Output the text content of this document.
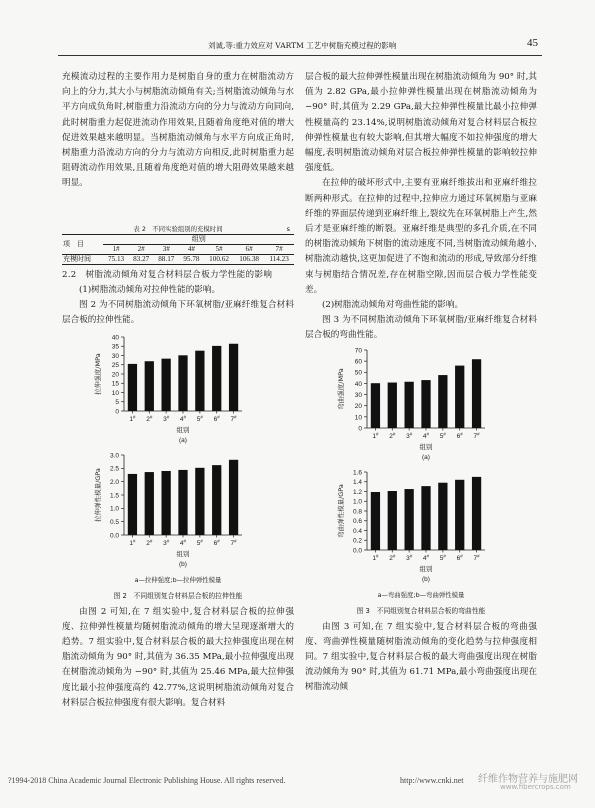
刘诚,等:重力效应对 VARTM 工艺中树脂充模过程的影响	45
充模流动过程的主要作用力是树脂自身的重力在树脂流动方向上的分力,其大小与树脂流动倾角有关;当树脂流动倾角与水平方向成负角时,树脂重力沿流动方向的分力与流动方向同向,此时树脂重力起促进流动作用效果,且随着角度绝对值的增大促进效果越来越明显。当树脂流动倾角与水平方向成正角时,树脂重力沿流动方向的分力与流动方向相反,此时树脂重力起阻碍流动作用效果,且随着角度绝对值的增大阻碍效果越来越明显。
表 2　不同实验组别的充模时间	s
项　目	组别						
	1#	2#	3#	4#	5#	6#	7#
充模时间	75.13	83.27	88.17	95.78	100.62	106.38	114.23
2.2　树脂流动倾角对复合材料层合板力学性能的影响
(1)树脂流动倾角对拉伸性能的影响。
图 2 为不同树脂流动倾角下环氧树脂/亚麻纤维复合材料层合板的拉伸性能。
0
5
10
15
20
25
30
35
40
拉伸强度/MPa
1# 2# 3# 4# 5# 6# 7#
组别
(a)
0.0
0.5
1.0
1.5
2.0
2.5
3.0
拉伸弹性模量/GPa
1# 2# 3# 4# 5# 6# 7#
组别
(b)
a—拉伸强度;b—拉伸弹性模量
图 2　不同组别复合材料层合板的拉伸性能
由图 2 可知,在 7 组实验中,复合材料层合板的拉伸强度、拉伸弹性模量均随树脂流动倾角的增大呈现逐渐增大的趋势。7 组实验中,复合材料层合板的最大拉伸强度出现在树脂流动倾角为 90° 时,其值为 36.35 MPa,最小拉伸强度出现在树脂流动倾角为 −90° 时,其值为 25.46 MPa,最大拉伸强度比最小拉伸强度高约 42.77%,这说明树脂流动倾角对复合材料层合板拉伸强度有很大影响。复合材料
层合板的最大拉伸弹性模量出现在树脂流动倾角为 90° 时,其值为 2.82 GPa,最小拉伸弹性模量出现在树脂流动倾角为 −90° 时,其值为 2.29 GPa,最大拉伸弹性模量比最小拉伸弹性模量高约 23.14%,说明树脂流动倾角对复合材料层合板拉伸弹性模量也有较大影响,但其增大幅度不如拉伸强度的增大幅度,表明树脂流动倾角对层合板拉伸弹性模量的影响较拉伸强度低。
在拉伸的破坏形式中,主要有亚麻纤维拔出和亚麻纤维拉断两种形式。在拉伸的过程中,拉伸应力通过环氧树脂与亚麻纤维的界面层传递到亚麻纤维上,裂纹先在环氧树脂上产生,然后才是亚麻纤维的断裂。亚麻纤维是典型的多孔介质,在不同的树脂流动倾角下树脂的流动速度不同,当树脂流动倾角越小,树脂流动越快,这更加促进了不饱和流动的形成,导致部分纤维束与树脂结合情况差,存在树脂空隙,因而层合板力学性能变差。
(2)树脂流动倾角对弯曲性能的影响。
图 3 为不同树脂流动倾角下环氧树脂/亚麻纤维复合材料层合板的弯曲性能。
0
10
20
30
40
50
60
70
弯曲强度/MPa
1# 2# 3# 4# 5# 6# 7#
组别
(a)
0.0
0.2
0.4
0.6
0.8
1.0
1.2
1.4
1.6
弯曲弹性模量/GPa
1# 2# 3# 4# 5# 6# 7#
组别
(b)
a—弯曲强度;b—弯曲弹性模量
图 3　不同组别复合材料层合板的弯曲性能
由图 3 可知,在 7 组实验中,复合材料层合板的弯曲强度、弯曲弹性模量随树脂流动倾角的变化趋势与拉伸强度相同。7 组实验中,复合材料层合板的最大弯曲强度出现在树脂流动倾角为 90° 时,其值为 61.71 MPa,最小弯曲强度出现在树脂流动倾
?1994-2018 China Academic Journal Electronic Publishing House. All rights reserved.	http://www.cnki.net 纤维作物营养与施肥网
www.fibercrops.com
